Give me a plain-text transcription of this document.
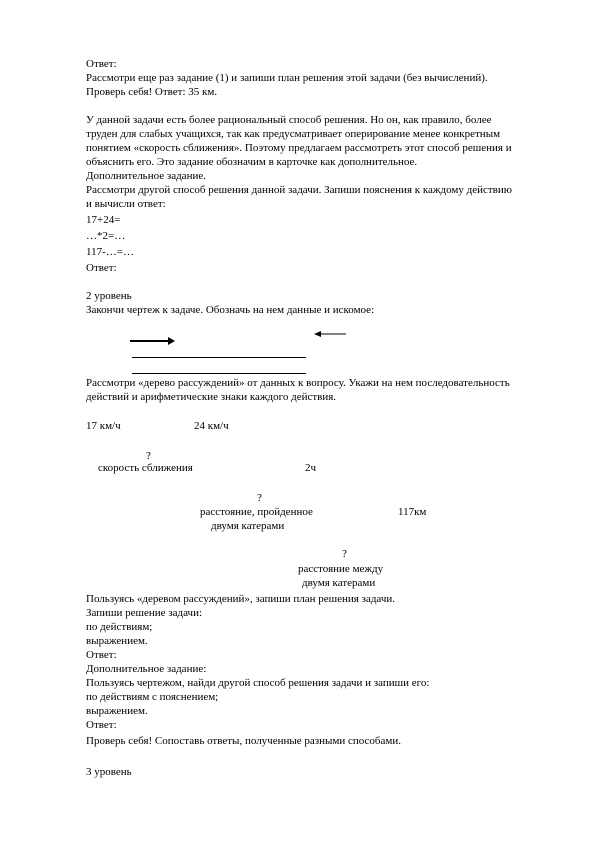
Ответ:
Рассмотри еще раз задание (1) и запиши план решения этой задачи (без вычислений).
Проверь себя! Ответ: 35 км.
У данной задачи есть более рациональный способ решения. Но он, как правило, более
труден для слабых учащихся, так как предусматривает оперирование менее конкретным
понятием «скорость сближения». Поэтому предлагаем рассмотреть этот способ решения и
объяснить его. Это задание обозначим в карточке как дополнительное.
Дополнительное задание.
Рассмотри другой способ решения данной задачи. Запиши пояснения к каждому действию
и вычисли ответ:
17+24=
…*2=…
117-…=…
Ответ:
2 уровень
Закончи чертеж к задаче. Обозначь на нем данные и искомое:
Рассмотри «дерево рассуждений» от данных к вопросу. Укажи на нем последовательность
действий и арифметические знаки каждого действия.
17 км/ч	24 км/ч
?
скорость сближения	2ч
?
расстояние, пройденное
двумя катерами
117км
?
расстояние между
двумя катерами
Пользуясь «деревом рассуждений», запиши план решения задачи.
Запиши решение задачи:
по действиям;
выражением.
Ответ:
Дополнительное задание:
Пользуясь чертежом, найди другой способ решения задачи и запиши его:
по действиям с пояснением;
выражением.
Ответ:
Проверь себя! Сопоставь ответы, полученные разными способами.
3 уровень
